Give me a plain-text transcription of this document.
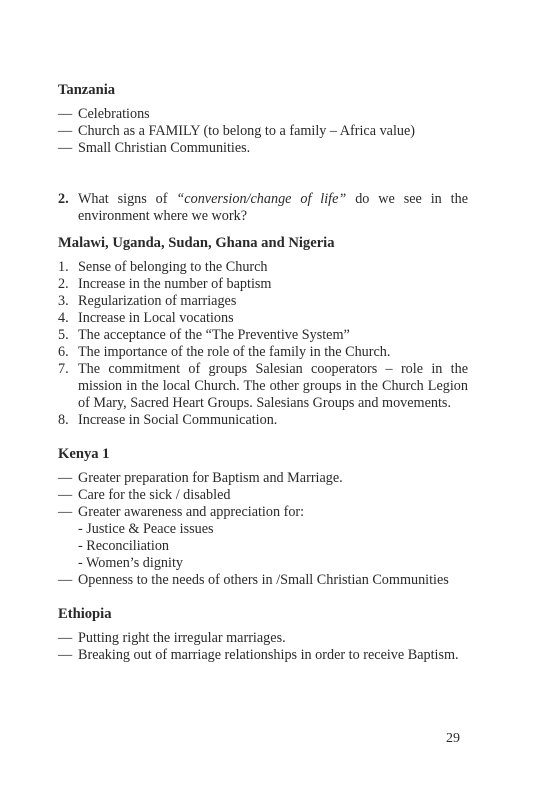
Tanzania

— Celebrations
— Church as a FAMILY (to belong to a family – Africa value)
— Small Christian Communities.

2. What signs of “conversion/change of life” do we see in the environment where we work?

Malawi, Uganda, Sudan, Ghana and Nigeria

1. Sense of belonging to the Church
2. Increase in the number of baptism
3. Regularization of marriages
4. Increase in Local vocations
5. The acceptance of the “The Preventive System”
6. The importance of the role of the family in the Church.
7. The commitment of groups Salesian cooperators – role in the mission in the local Church. The other groups in the Church Legion of Mary, Sacred Heart Groups. Salesians Groups and movements.
8. Increase in Social Communication.

Kenya 1

— Greater preparation for Baptism and Marriage.
— Care for the sick / disabled
— Greater awareness and appreciation for:
- Justice & Peace issues
- Reconciliation
- Women’s dignity
— Openness to the needs of others in /Small Christian Communities

Ethiopia

— Putting right the irregular marriages.
— Breaking out of marriage relationships in order to receive Baptism.
29
